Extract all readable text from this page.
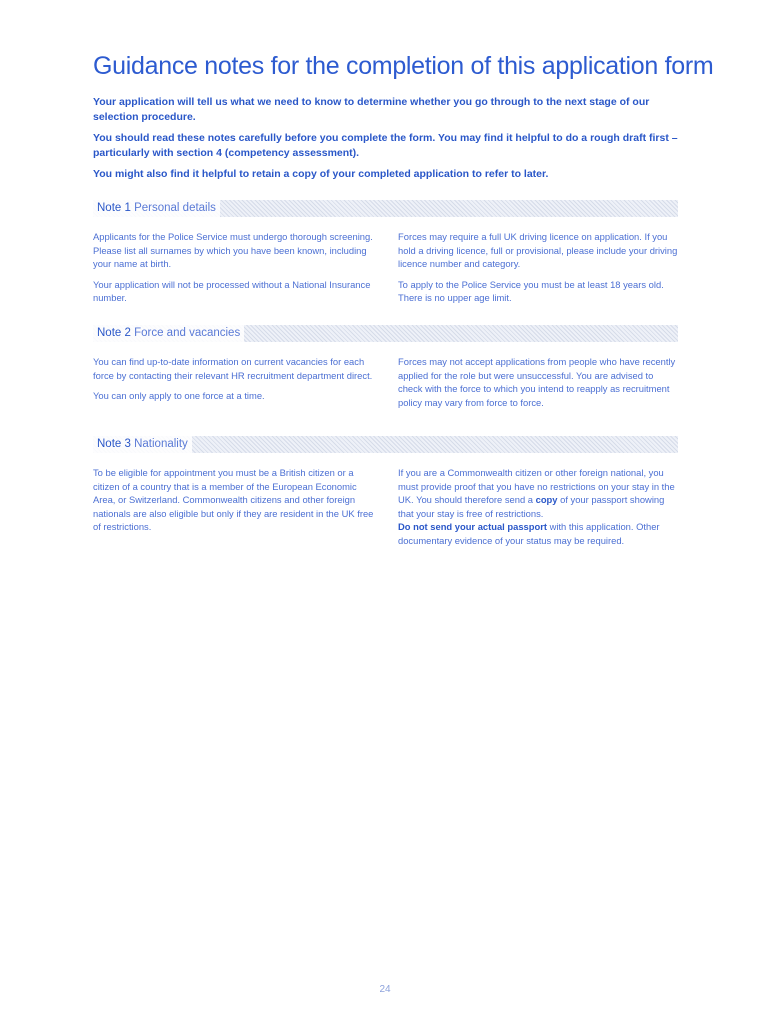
Guidance notes for the completion of this application form

Your application will tell us what we need to know to determine whether you go through to the next stage of our selection procedure.

You should read these notes carefully before you complete the form. You may find it helpful to do a rough draft first – particularly with section 4 (competency assessment).

You might also find it helpful to retain a copy of your completed application to refer to later.

Note 1 Personal details

Applicants for the Police Service must undergo thorough screening. Please list all surnames by which you have been known, including your name at birth.

Your application will not be processed without a National Insurance number.

Forces may require a full UK driving licence on application. If you hold a driving licence, full or provisional, please include your driving licence number and category.

To apply to the Police Service you must be at least 18 years old. There is no upper age limit.

Note 2 Force and vacancies

You can find up-to-date information on current vacancies for each force by contacting their relevant HR recruitment department direct.

You can only apply to one force at a time.

Forces may not accept applications from people who have recently applied for the role but were unsuccessful. You are advised to check with the force to which you intend to reapply as recruitment policy may vary from force to force.

Note 3 Nationality

To be eligible for appointment you must be a British citizen or a citizen of a country that is a member of the European Economic Area, or Switzerland. Commonwealth citizens and other foreign nationals are also eligible but only if they are resident in the UK free of restrictions.

If you are a Commonwealth citizen or other foreign national, you must provide proof that you have no restrictions on your stay in the UK. You should therefore send a copy of your passport showing that your stay is free of restrictions.
Do not send your actual passport with this application. Other documentary evidence of your status may be required.

24
